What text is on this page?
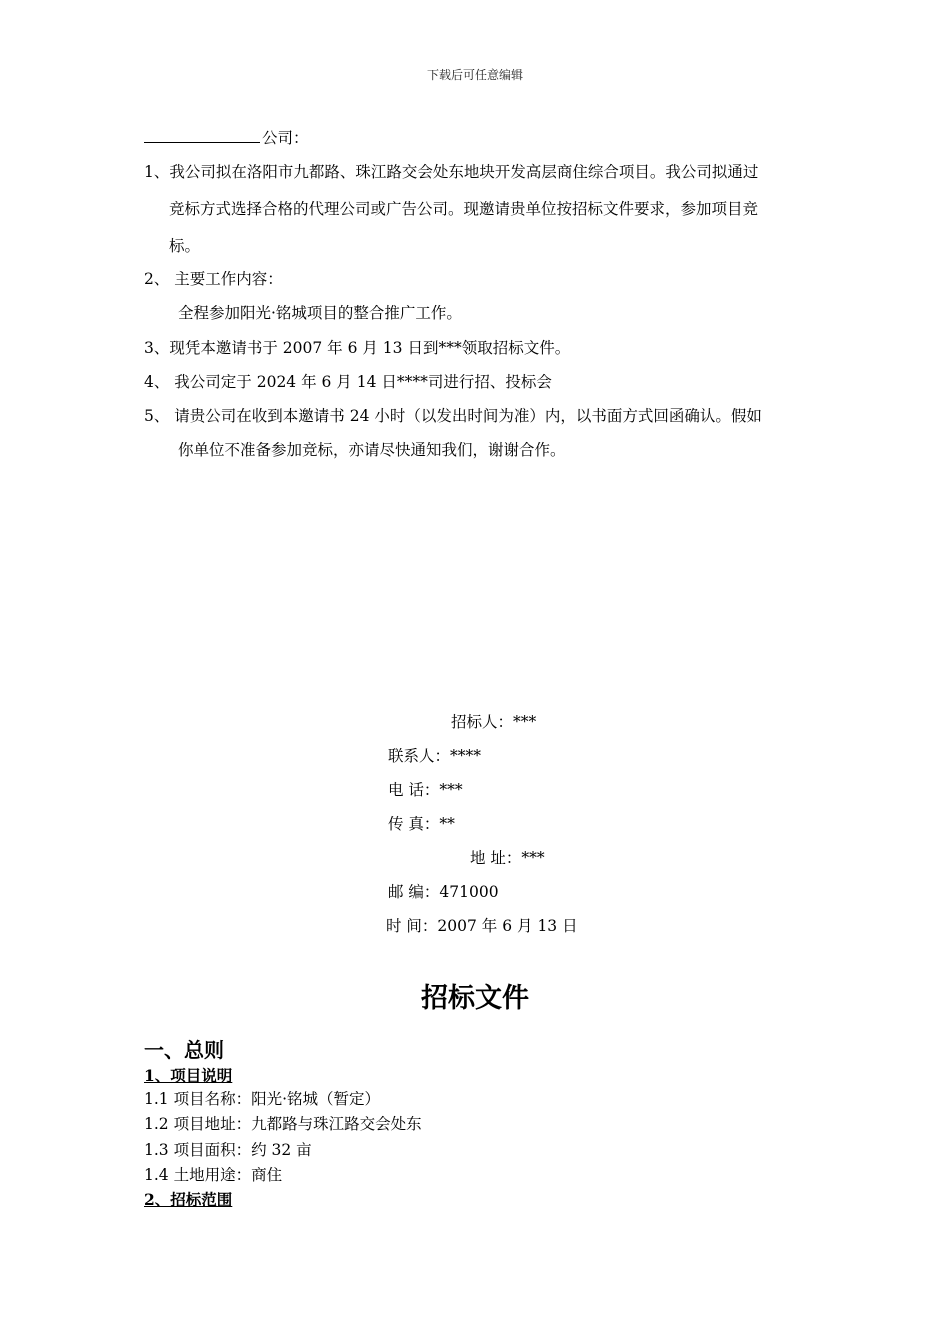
下载后可任意编辑
公司：
1、我公司拟在洛阳市九都路、珠江路交会处东地块开发高层商住综合项目。我公司拟通过
竞标方式选择合格的代理公司或广告公司。现邀请贵单位按招标文件要求，参加项目竞
标。
2、 主要工作内容：
全程参加阳光·铭城项目的整合推广工作。
3、现凭本邀请书于 2007 年 6 月 13 日到***领取招标文件。
4、 我公司定于 2024 年 6 月 14 日****司进行招、投标会
5、 请贵公司在收到本邀请书 24 小时（以发出时间为准）内，以书面方式回函确认。假如
你单位不准备参加竞标，亦请尽快通知我们，谢谢合作。
招标人：***
联系人：****
电 话：***
传 真：**
地 址：***
邮 编：471000
时 间：2007 年 6 月 13 日
招标文件
一、总则
1、项目说明
1.1 项目名称：阳光·铭城（暂定）
1.2 项目地址：九都路与珠江路交会处东
1.3 项目面积：约 32 亩
1.4 土地用途：商住
2、招标范围
